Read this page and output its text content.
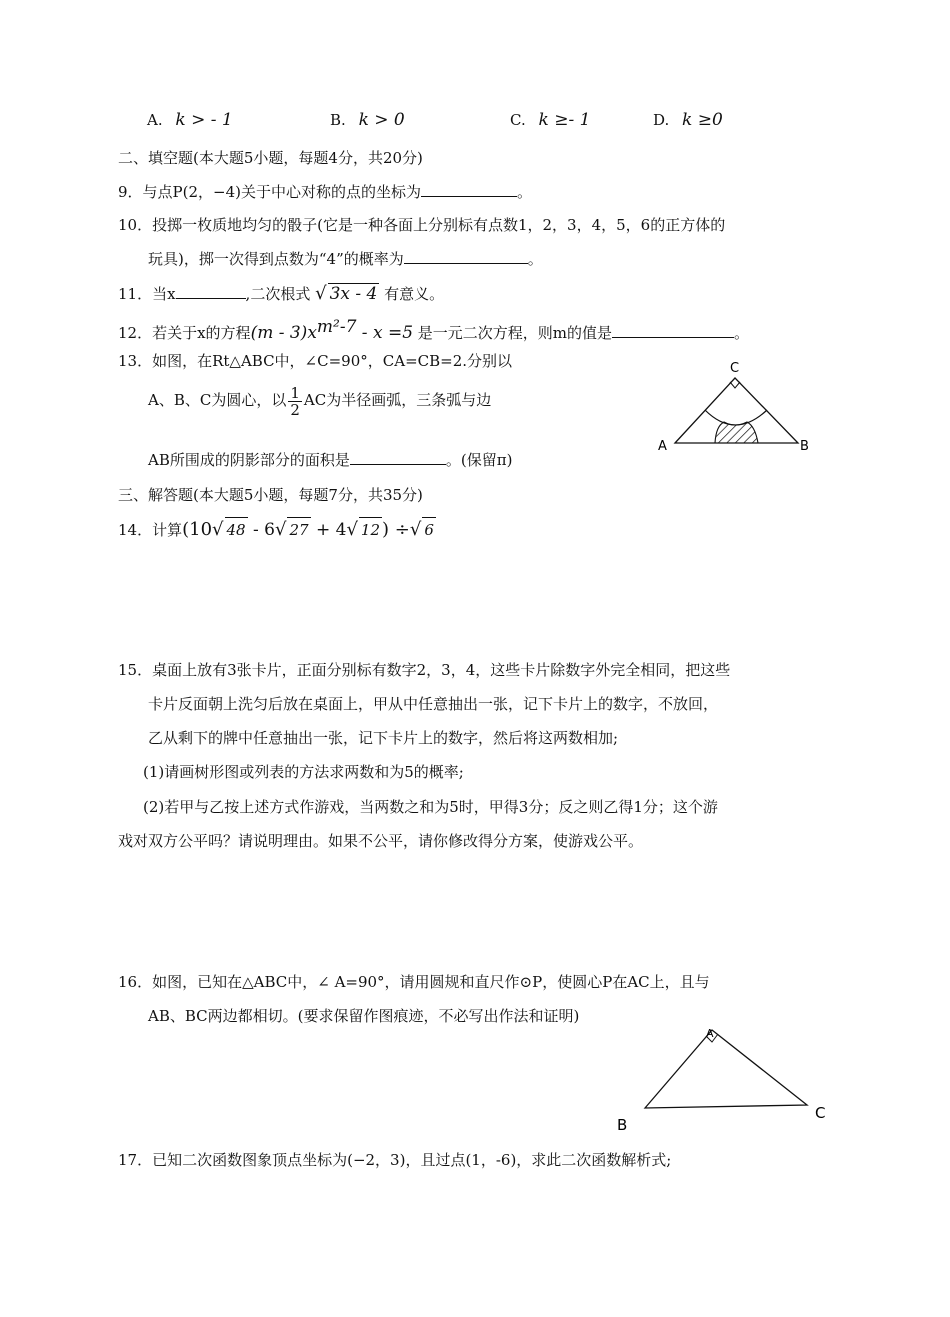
A. k > - 1	B. k > 0	C. k ≥- 1	D. k ≥0
二、填空题(本大题5小题，每题4分，共20分)
9．与点P(2，−4)关于中心对称的点的坐标为	。
10．投掷一枚质地均匀的骰子(它是一种各面上分别标有点数1，2，3，4，5，6的正方体的
玩具)，掷一次得到点数为“4”的概率为	。
11．当x	,二次根式 √ 3x - 4 有意义。
12．若关于x的方程$(m - 3)x^{m^2-7} - x =5$ 是一元二次方程，则m的值是	。
13．如图，在Rt△ABC中，∠C=90°，CA=CB=2.分别以
A、B、C为圆心，以 $\frac{1}{2}$ AC为半径画弧，三条弧与边
AB所围成的阴影部分的面积是	。(保留π)
A	B
C
三、解答题(本大题5小题，每题7分，共35分)
14．计算(10√ 48 - 6√ 27 + 4√ 12 ) ÷√ 6
15．桌面上放有3张卡片，正面分别标有数字2，3，4，这些卡片除数字外完全相同，把这些
卡片反面朝上洗匀后放在桌面上，甲从中任意抽出一张，记下卡片上的数字，不放回，
乙从剩下的牌中任意抽出一张，记下卡片上的数字，然后将这两数相加;
(1)请画树形图或列表的方法求两数和为5的概率;
(2)若甲与乙按上述方式作游戏，当两数之和为5时，甲得3分；反之则乙得1分；这个游
戏对双方公平吗？请说明理由。如果不公平，请你修改得分方案，使游戏公平。
16．如图，已知在△ABC中，∠ A=90°，请用圆规和直尺作⊙P，使圆心P在AC上，且与
AB、BC两边都相切。(要求保留作图痕迹，不必写出作法和证明)
A
B
C
17．已知二次函数图象顶点坐标为(−2，3)，且过点(1，-6)，求此二次函数解析式;
